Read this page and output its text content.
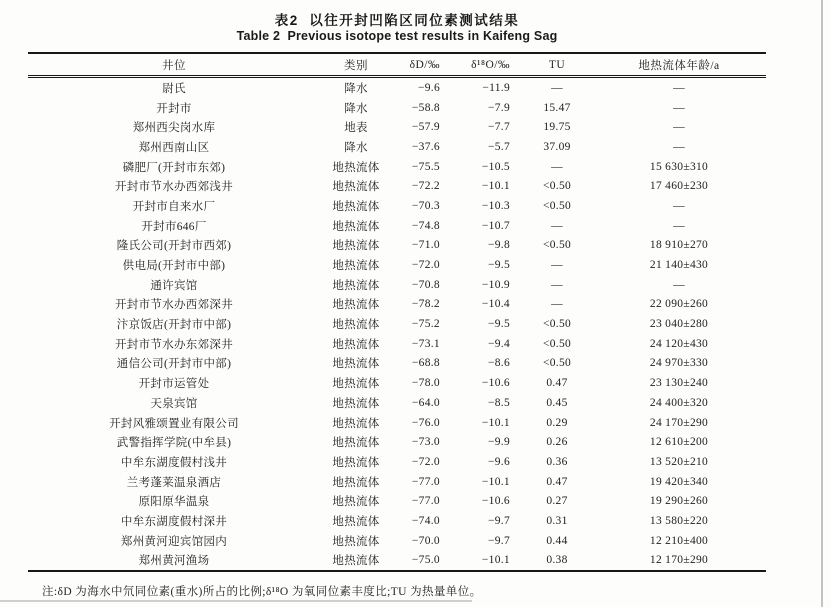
表2  以往开封凹陷区同位素测试结果
Table 2  Previous isotope test results in Kaifeng Sag
井位	类别	δD/‰	δ¹⁸O/‰	TU	地热流体年龄/a
尉氏	降水	−9.6	−11.9	—	—
开封市	降水	−58.8	−7.9	15.47	—
郑州西尖岗水库	地表	−57.9	−7.7	19.75	—
郑州西南山区	降水	−37.6	−5.7	37.09	—
磷肥厂(开封市东郊)	地热流体	−75.5	−10.5	—	15 630±310
开封市节水办西郊浅井	地热流体	−72.2	−10.1	<0.50	17 460±230
开封市自来水厂	地热流体	−70.3	−10.3	<0.50	—
开封市646厂	地热流体	−74.8	−10.7	—	—
隆氏公司(开封市西郊)	地热流体	−71.0	−9.8	<0.50	18 910±270
供电局(开封市中部)	地热流体	−72.0	−9.5	—	21 140±430
通许宾馆	地热流体	−70.8	−10.9	—	—
开封市节水办西郊深井	地热流体	−78.2	−10.4	—	22 090±260
汴京饭店(开封市中部)	地热流体	−75.2	−9.5	<0.50	23 040±280
开封市节水办东郊深井	地热流体	−73.1	−9.4	<0.50	24 120±430
通信公司(开封市中部)	地热流体	−68.8	−8.6	<0.50	24 970±330
开封市运管处	地热流体	−78.0	−10.6	0.47	23 130±240
天泉宾馆	地热流体	−64.0	−8.5	0.45	24 400±320
开封风雅颂置业有限公司	地热流体	−76.0	−10.1	0.29	24 170±290
武警指挥学院(中牟县)	地热流体	−73.0	−9.9	0.26	12 610±200
中牟东湖度假村浅井	地热流体	−72.0	−9.6	0.36	13 520±210
兰考蓬莱温泉酒店	地热流体	−77.0	−10.1	0.47	19 420±340
原阳原华温泉	地热流体	−77.0	−10.6	0.27	19 290±260
中牟东湖度假村深井	地热流体	−74.0	−9.7	0.31	13 580±220
郑州黄河迎宾馆园内	地热流体	−70.0	−9.7	0.44	12 210±400
郑州黄河渔场	地热流体	−75.0	−10.1	0.38	12 170±290
注:δD 为海水中氘同位素(重水)所占的比例;δ¹⁸O 为氧同位素丰度比;TU 为热量单位。
